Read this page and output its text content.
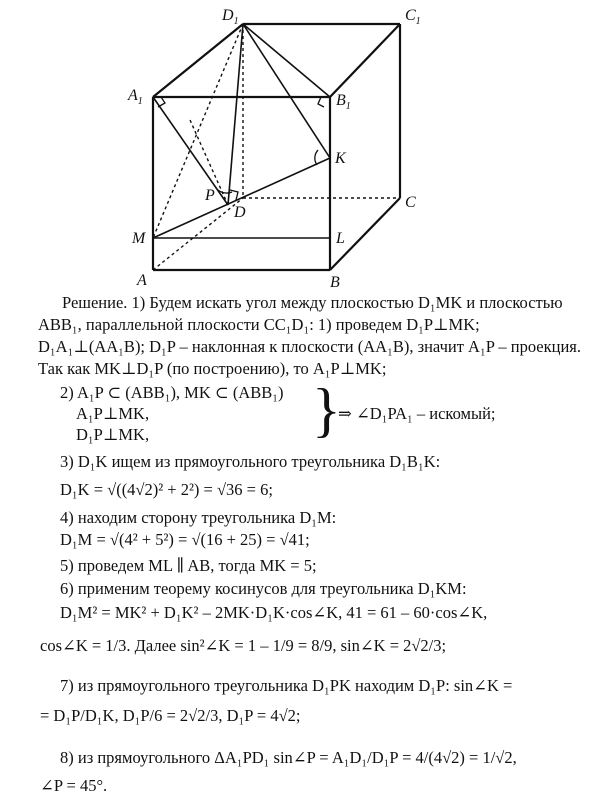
$D_1$	$C_1$
$A_1$	$B_1$
K
P
D
C
M	L
A	B
Решение. 1) Будем искать угол между плоскостью D₁MK и плоскостью ABB₁, параллельной плоскости CC₁D₁: 1) проведем D₁P⊥MK; D₁A₁⊥(AA₁B); D₁P – наклонная к плоскости (AA₁B), значит A₁P – проекция. Так как MK⊥D₁P (по построению), то A₁P⊥MK;
2) A₁P ⊂ (ABB₁), MK ⊂ (ABB₁)
A₁P⊥MK,
D₁P⊥MK,	}
⇒ ∠D₁PA₁ – искомый;
3) D₁K ищем из прямоугольного треугольника D₁B₁K:
D₁K = √((4√2)² + 2²) = √36 = 6;
4) находим сторону треугольника D₁M:
D₁M = √(4² + 5²) = √(16 + 25) = √41;
5) проведем ML ∥ AB, тогда MK = 5;
6) применим теорему косинусов для треугольника D₁KM:
D₁M² = MK² + D₁K² – 2MK·D₁K·cos∠K, 41 = 61 – 60·cos∠K,
cos∠K = 1/3. Далее sin²∠K = 1 – 1/9 = 8/9, sin∠K = 2√2/3;
7) из прямоугольного треугольника D₁PK находим D₁P: sin∠K =
= D₁P/D₁K, D₁P/6 = 2√2/3, D₁P = 4√2;
8) из прямоугольного ΔA₁PD₁ sin∠P = A₁D₁/D₁P = 4/(4√2) = 1/√2,
∠P = 45°.
